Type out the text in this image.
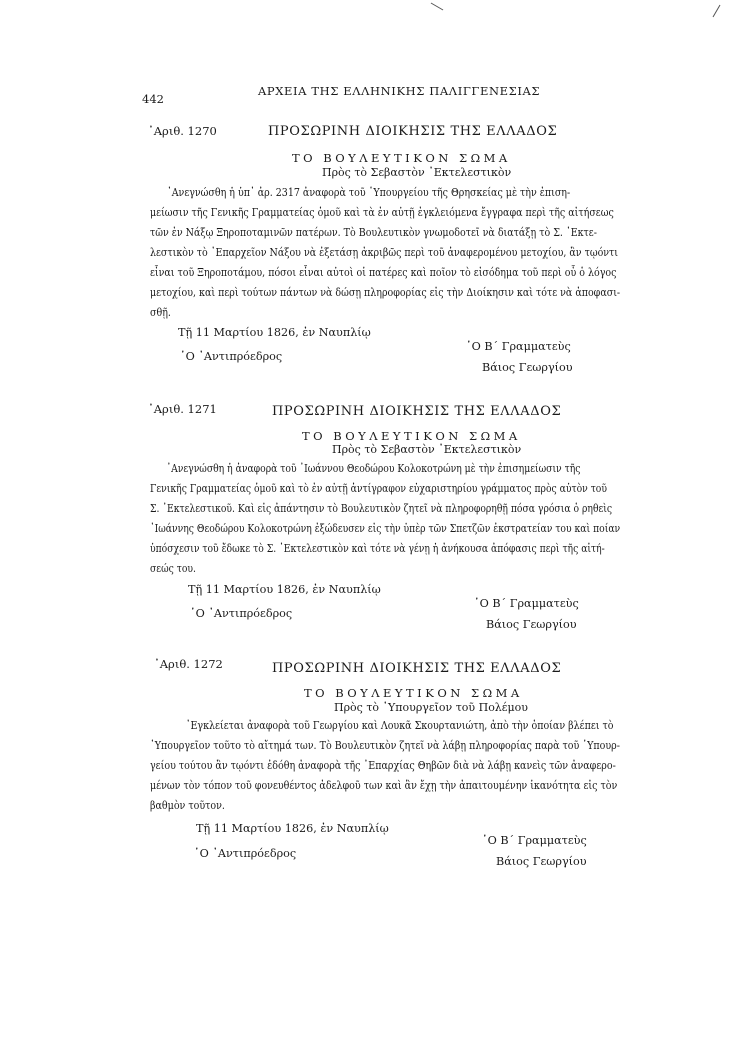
442
ΑΡΧΕΙΑ ΤΗΣ ΕΛΛΗΝΙΚΗΣ ΠΑΛΙΓΓΕΝΕΣΙΑΣ
᾿Αριθ. 1270	ΠΡΟΣΩΡΙΝΗ ΔΙΟΙΚΗΣΙΣ ΤΗΣ ΕΛΛΑΔΟΣ
ΤΟ ΒΟΥΛΕΥΤΙΚΟΝ ΣΩΜΑ
Πρὸς τὸ Σεβαστὸν ᾿Εκτελεστικὸν
᾿Ανεγνώσθη ἡ ὑπ᾿ ἀρ. 2317 ἀναφορὰ τοῦ ῾Υπουργείου τῆς Θρησκείας μὲ τὴν ἐπιση-
μείωσιν τῆς Γενικῆς Γραμματείας ὁμοῦ καὶ τὰ ἐν αὐτῇ ἐγκλειόμενα ἔγγραφα περὶ τῆς αἰτήσεως
τῶν ἐν Νάξῳ Ξηροποταμινῶν πατέρων. Τὸ Βουλευτικὸν γνωμοδοτεῖ νὰ διατάξῃ τὸ Σ. ᾿Εκτε-
λεστικὸν τὸ ᾿Επαρχεῖον Νάξου νὰ ἐξετάσῃ ἀκριβῶς περὶ τοῦ ἀναφερομένου μετοχίου, ἂν τῳόντι
εἶναι τοῦ Ξηροποτάμου, πόσοι εἶναι αὐτοὶ οἱ πατέρες καὶ ποῖον τὸ εἰσόδημα τοῦ περὶ οὗ ὁ λόγος
μετοχίου, καὶ περὶ τούτων πάντων νὰ δώσῃ πληροφορίας εἰς τὴν Διοίκησιν καὶ τότε νὰ ἀποφασι-
σθῇ.
Τῇ 11 Μαρτίου 1826, ἐν Ναυπλίῳ
῾Ο ᾿Αντιπρόεδρος
῾Ο Β΄ Γραμματεὺς
Βάιος Γεωργίου
᾿Αριθ. 1271	ΠΡΟΣΩΡΙΝΗ ΔΙΟΙΚΗΣΙΣ ΤΗΣ ΕΛΛΑΔΟΣ
ΤΟ ΒΟΥΛΕΥΤΙΚΟΝ ΣΩΜΑ
Πρὸς τὸ Σεβαστὸν ᾿Εκτελεστικὸν
᾿Ανεγνώσθη ἡ ἀναφορὰ τοῦ ᾿Ιωάννου Θεοδώρου Κολοκοτρώνη μὲ τὴν ἐπισημείωσιν τῆς
Γενικῆς Γραμματείας ὁμοῦ καὶ τὸ ἐν αὐτῇ ἀντίγραφον εὐχαριστηρίου γράμματος πρὸς αὐτὸν τοῦ
Σ. ᾿Εκτελεστικοῦ. Καὶ εἰς ἀπάντησιν τὸ Βουλευτικὸν ζητεῖ νὰ πληροφορηθῇ πόσα γρόσια ὁ ρηθεὶς
᾿Ιωάννης Θεοδώρου Κολοκοτρώνη ἐξώδευσεν εἰς τὴν ὑπὲρ τῶν Σπετζῶν ἐκστρατείαν του καὶ ποίαν
ὑπόσχεσιν τοῦ ἔδωκε τὸ Σ. ᾿Εκτελεστικὸν καὶ τότε νὰ γένῃ ἡ ἀνήκουσα ἀπόφασις περὶ τῆς αἰτή-
σεώς του.
Τῇ 11 Μαρτίου 1826, ἐν Ναυπλίῳ
῾Ο ᾿Αντιπρόεδρος
῾Ο Β΄ Γραμματεὺς
Βάιος Γεωργίου
᾿Αριθ. 1272	ΠΡΟΣΩΡΙΝΗ ΔΙΟΙΚΗΣΙΣ ΤΗΣ ΕΛΛΑΔΟΣ
ΤΟ ΒΟΥΛΕΥΤΙΚΟΝ ΣΩΜΑ
Πρὸς τὸ ῾Υπουργεῖον τοῦ Πολέμου
᾿Εγκλείεται ἀναφορὰ τοῦ Γεωργίου καὶ Λουκᾶ Σκουρτανιώτη, ἀπὸ τὴν ὁποίαν βλέπει τὸ
῾Υπουργεῖον τοῦτο τὸ αἴτημά των. Τὸ Βουλευτικὸν ζητεῖ νὰ λάβῃ πληροφορίας παρὰ τοῦ ῾Υπουρ-
γείου τούτου ἂν τῳόντι ἐδόθη ἀναφορὰ τῆς ᾿Επαρχίας Θηβῶν διὰ νὰ λάβῃ κανεὶς τῶν ἀναφερο-
μένων τὸν τόπον τοῦ φονευθέντος ἀδελφοῦ των καὶ ἂν ἔχῃ τὴν ἀπαιτουμένην ἱκανότητα εἰς τὸν
βαθμὸν τοῦτον.
Τῇ 11 Μαρτίου 1826, ἐν Ναυπλίῳ
῾Ο ᾿Αντιπρόεδρος
῾Ο Β΄ Γραμματεὺς
Βάιος Γεωργίου
